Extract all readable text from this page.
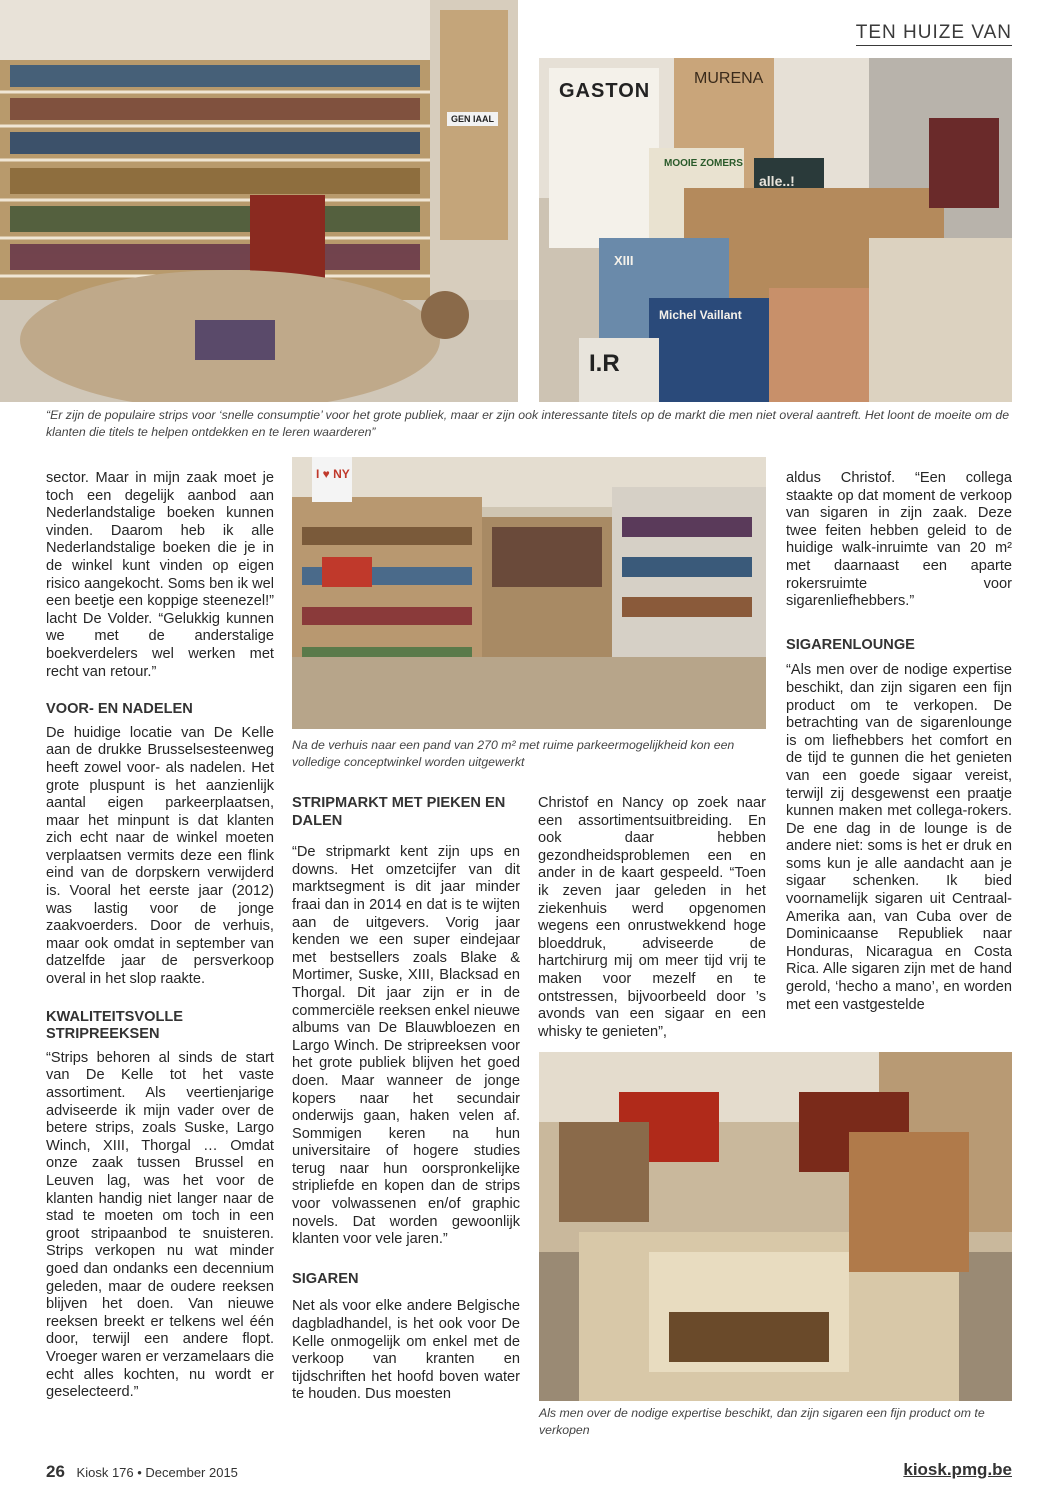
TEN HUIZE VAN
GASTON
MURENA
MOOIE ZOMERS
alle..!
Michel Vaillant
XIII
I.R
GEN IAAL
“Er zijn de populaire strips voor ‘snelle consumptie’ voor het grote publiek, maar er zijn ook interessante titels op de markt die men niet overal aantreft. Het loont de moeite om de klanten die titels te helpen ontdekken en te leren waarderen”
I ♥ NY
Na de verhuis naar een pand van 270 m² met ruime parkeermogelijkheid kon een volledige conceptwinkel worden uitgewerkt
Als men over de nodige expertise beschikt, dan zijn sigaren een fijn product om te verkopen

sector. Maar in mijn zaak moet je toch een degelijk aanbod aan Nederlandstalige boeken kunnen vinden. Daarom heb ik alle Nederlandstalige boeken die je in de winkel kunt vinden op eigen risico aangekocht. Soms ben ik wel een beetje een koppige steenezel!” lacht De Volder. “Gelukkig kunnen we met de anderstalige boekverdelers wel werken met recht van retour.”

VOOR- EN NADELEN

De huidige locatie van De Kelle aan de drukke Brusselsesteenweg heeft zowel voor- als nadelen. Het grote pluspunt is het aanzienlijk aantal eigen parkeerplaatsen, maar het minpunt is dat klanten zich echt naar de winkel moeten verplaatsen vermits deze een flink eind van de dorpskern verwijderd is. Vooral het eerste jaar (2012) was lastig voor de jonge zaakvoerders. Door de verhuis, maar ook omdat in september van datzelfde jaar de persverkoop overal in het slop raakte.

KWALITEITSVOLLE STRIPREEKSEN

“Strips behoren al sinds de start van De Kelle tot het vaste assortiment. Als veertienjarige adviseerde ik mijn vader over de betere strips, zoals Suske, Largo Winch, XIII, Thorgal … Omdat onze zaak tussen Brussel en Leuven lag, was het voor de klanten handig niet langer naar de stad te moeten om toch in een groot stripaanbod te snuisteren. Strips verkopen nu wat minder goed dan ondanks een decennium geleden, maar de oudere reeksen blijven het doen. Van nieuwe reeksen breekt er telkens wel één door, terwijl een andere flopt. Vroeger waren er verzamelaars die echt alles kochten, nu wordt er geselecteerd.”

STRIPMARKT MET PIEKEN EN DALEN

“De stripmarkt kent zijn ups en downs. Het omzetcijfer van dit marktsegment is dit jaar minder fraai dan in 2014 en dat is te wijten aan de uitgevers. Vorig jaar kenden we een super eindejaar met bestsellers zoals Blake & Mortimer, Suske, XIII, Blacksad en Thorgal. Dit jaar zijn er in de commerciële reeksen enkel nieuwe albums van De Blauwbloezen en Largo Winch. De stripreeksen voor het grote publiek blijven het goed doen. Maar wanneer de jonge kopers naar het secundair onderwijs gaan, haken velen af. Sommigen keren na hun universitaire of hogere studies terug naar hun oorspronkelijke stripliefde en kopen dan de strips voor volwassenen en/of graphic novels. Dat worden gewoonlijk klanten voor vele jaren.”

SIGAREN

Net als voor elke andere Belgische dagbladhandel, is het ook voor De Kelle onmogelijk om enkel met de verkoop van kranten en tijdschriften het hoofd boven water te houden. Dus moesten

Christof en Nancy op zoek naar een assortimentsuitbreiding. En ook daar hebben gezondheidsproblemen een en ander in de kaart gespeeld. “Toen ik zeven jaar geleden in het ziekenhuis werd opgenomen wegens een onrustwekkend hoge bloeddruk, adviseerde de hartchirurg mij om meer tijd vrij te maken voor mezelf en te ontstressen, bijvoorbeeld door ’s avonds van een sigaar en een whisky te genieten”,

aldus Christof. “Een collega staakte op dat moment de verkoop van sigaren in zijn zaak. Deze twee feiten hebben geleid to de huidige walk-inruimte van 20 m² met daarnaast een aparte rokersruimte voor sigarenliefhebbers.”

SIGARENLOUNGE

“Als men over de nodige expertise beschikt, dan zijn sigaren een fijn product om te verkopen. De betrachting van de sigarenlounge is om liefhebbers het comfort en de tijd te gunnen die het genieten van een goede sigaar vereist, terwijl zij desgewenst een praatje kunnen maken met collega-rokers. De ene dag in de lounge is de andere niet: soms is het er druk en soms kun je alle aandacht aan je sigaar schenken. Ik bied voornamelijk sigaren uit Centraal-Amerika aan, van Cuba over de Dominicaanse Republiek naar Honduras, Nicaragua en Costa Rica. Alle sigaren zijn met de hand gerold, ‘hecho a mano’, en worden met een vastgestelde

26 Kiosk 176 • December 2015	kiosk.pmg.be
